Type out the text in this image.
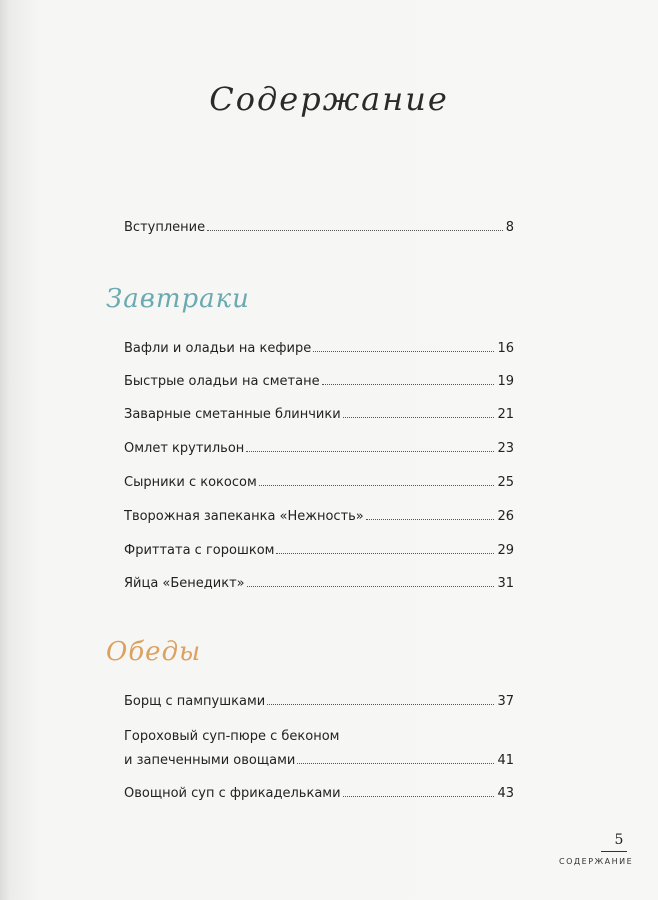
Содержание
Вступление	8
Завтраки
Вафли и оладьи на кефире	16
Быстрые оладьи на сметане	19
Заварные сметанные блинчики	21
Омлет крутильон	23
Сырники с кокосом	25
Творожная запеканка «Нежность»	26
Фриттата с горошком	29
Яйца «Бенедикт»	31
Обеды
Борщ с пампушками	37
Гороховый суп-пюре с беконом
и запеченными овощами	41
Овощной суп с фрикадельками	43
5
СОДЕРЖАНИЕ
